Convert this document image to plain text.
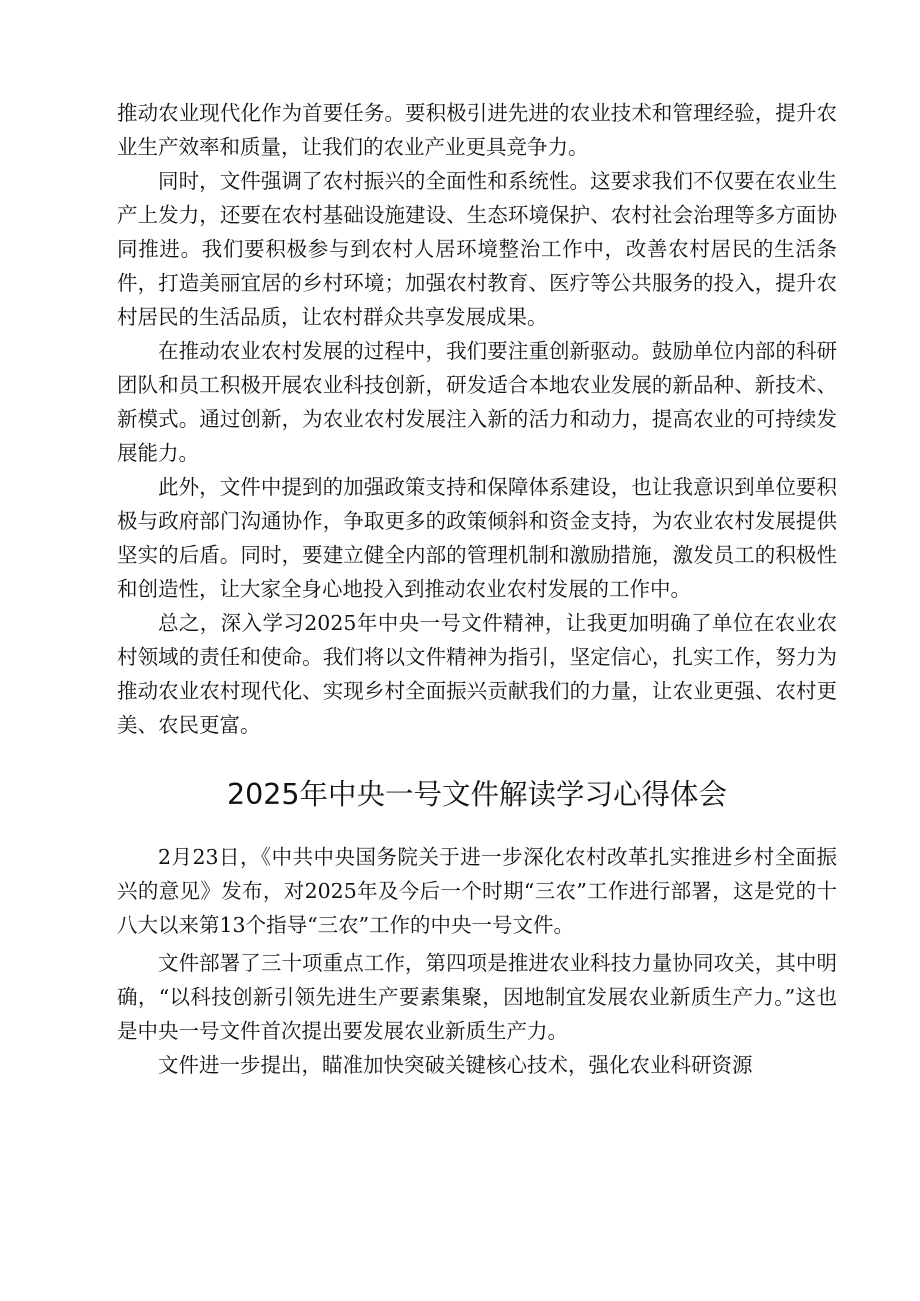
推动农业现代化作为首要任务。要积极引进先进的农业技术和管理经验，提升农业生产效率和质量，让我们的农业产业更具竞争力。

同时，文件强调了农村振兴的全面性和系统性。这要求我们不仅要在农业生产上发力，还要在农村基础设施建设、生态环境保护、农村社会治理等多方面协同推进。我们要积极参与到农村人居环境整治工作中，改善农村居民的生活条件，打造美丽宜居的乡村环境；加强农村教育、医疗等公共服务的投入，提升农村居民的生活品质，让农村群众共享发展成果。

在推动农业农村发展的过程中，我们要注重创新驱动。鼓励单位内部的科研团队和员工积极开展农业科技创新，研发适合本地农业发展的新品种、新技术、新模式。通过创新，为农业农村发展注入新的活力和动力，提高农业的可持续发展能力。

此外，文件中提到的加强政策支持和保障体系建设，也让我意识到单位要积极与政府部门沟通协作，争取更多的政策倾斜和资金支持，为农业农村发展提供坚实的后盾。同时，要建立健全内部的管理机制和激励措施，激发员工的积极性和创造性，让大家全身心地投入到推动农业农村发展的工作中。

总之，深入学习2025年中央一号文件精神，让我更加明确了单位在农业农村领域的责任和使命。我们将以文件精神为指引，坚定信心，扎实工作，努力为推动农业农村现代化、实现乡村全面振兴贡献我们的力量，让农业更强、农村更美、农民更富。

2025年中央一号文件解读学习心得体会

2月23日，《中共中央国务院关于进一步深化农村改革扎实推进乡村全面振兴的意见》发布，对2025年及今后一个时期“三农”工作进行部署，这是党的十八大以来第13个指导“三农”工作的中央一号文件。

文件部署了三十项重点工作，第四项是推进农业科技力量协同攻关，其中明确，“以科技创新引领先进生产要素集聚，因地制宜发展农业新质生产力。”这也是中央一号文件首次提出要发展农业新质生产力。

文件进一步提出，瞄准加快突破关键核心技术，强化农业科研资源
